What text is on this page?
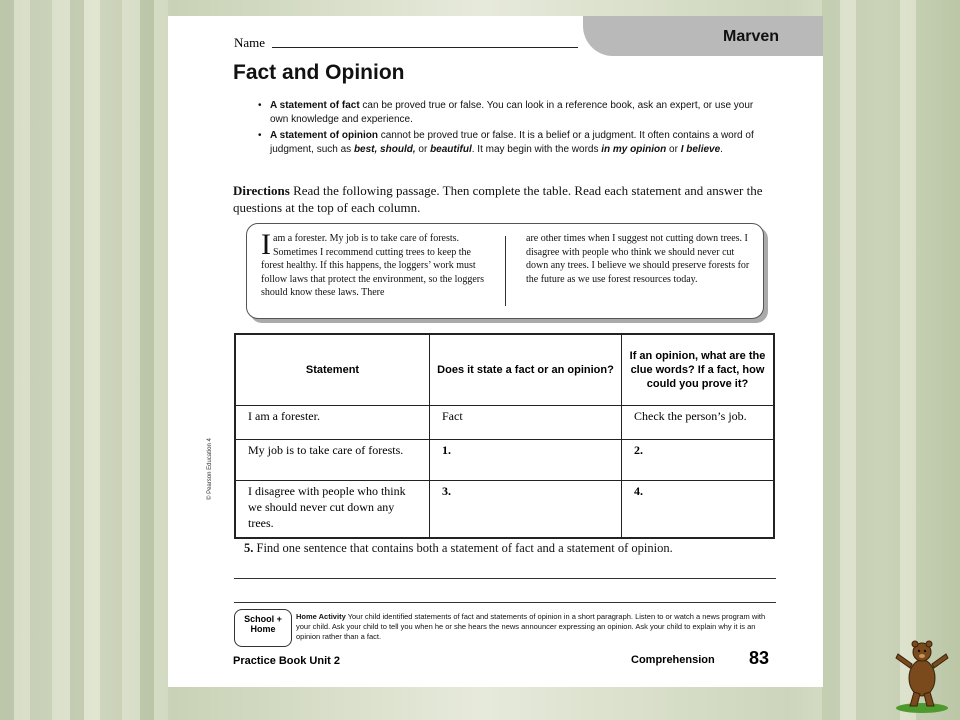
Marven
Name
Fact and Opinion
• A statement of fact can be proved true or false. You can look in a reference book, ask an expert, or use your own knowledge and experience.
• A statement of opinion cannot be proved true or false. It is a belief or a judgment. It often contains a word of judgment, such as best, should, or beautiful. It may begin with the words in my opinion or I believe.
Directions Read the following passage. Then complete the table. Read each statement and answer the questions at the top of each column.
Iam a forester. My job is to take care of forests. Sometimes I recommend cutting trees to keep the forest healthy. If this happens, the loggers’ work must follow laws that protect the environment, so the loggers should know these laws. There
are other times when I suggest not cutting down trees. I disagree with people who think we should never cut down any trees. I believe we should preserve forests for the future as we use forest resources today.
Statement	Does it state a fact or an opinion?	If an opinion, what are the clue words? If a fact, how could you prove it?
I am a forester.	Fact	Check the person’s job.
My job is to take care of forests.	1.	2.
I disagree with people who think we should never cut down any trees.	3.	4.
5. Find one sentence that contains both a statement of fact and a statement of opinion.
School + Home
Home Activity Your child identified statements of fact and statements of opinion in a short paragraph. Listen to or watch a news program with your child. Ask your child to tell you when he or she hears the news announcer expressing an opinion. Ask your child to explain why it is an opinion rather than a fact.
© Pearson Education 4
Practice Book Unit 2	Comprehension 83
